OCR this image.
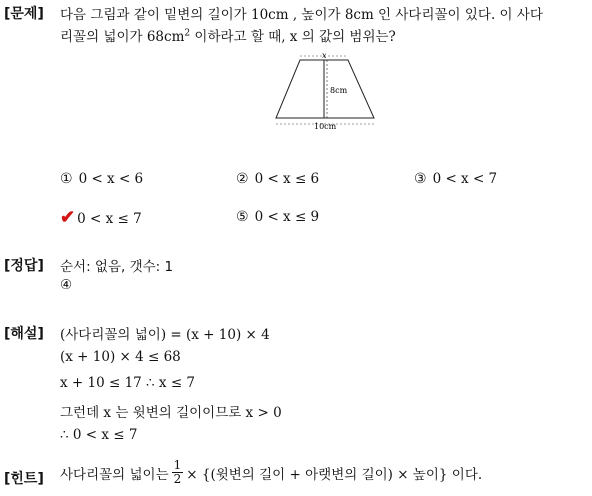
[문제] 다음 그림과 같이 밑변의 길이가 10cm , 높이가 8cm 인 사다리꼴이 있다. 이 사다
리꼴의 넓이가 $68cm^2$ 이하라고 할 때, x 의 값의 범위는?
x
8cm
10cm
① 0 < x < 6	② 0 < x ≤ 6	③ 0 < x < 7
✔ 0 < x ≤ 7	⑤ 0 < x ≤ 9
[정답] 순서: 없음, 갯수: 1
④
[해설] (사다리꼴의 넓이) = (x + 10) × 4
(x + 10) × 4 ≤ 68
x + 10 ≤ 17 ∴ x ≤ 7
그런데 x 는 윗변의 길이이므로 x > 0
∴ 0 < x ≤ 7
[힌트] 사다리꼴의 넓이는 $\frac{1}{2}$ × {(윗변의 길이 + 아랫변의 길이) × 높이} 이다.
